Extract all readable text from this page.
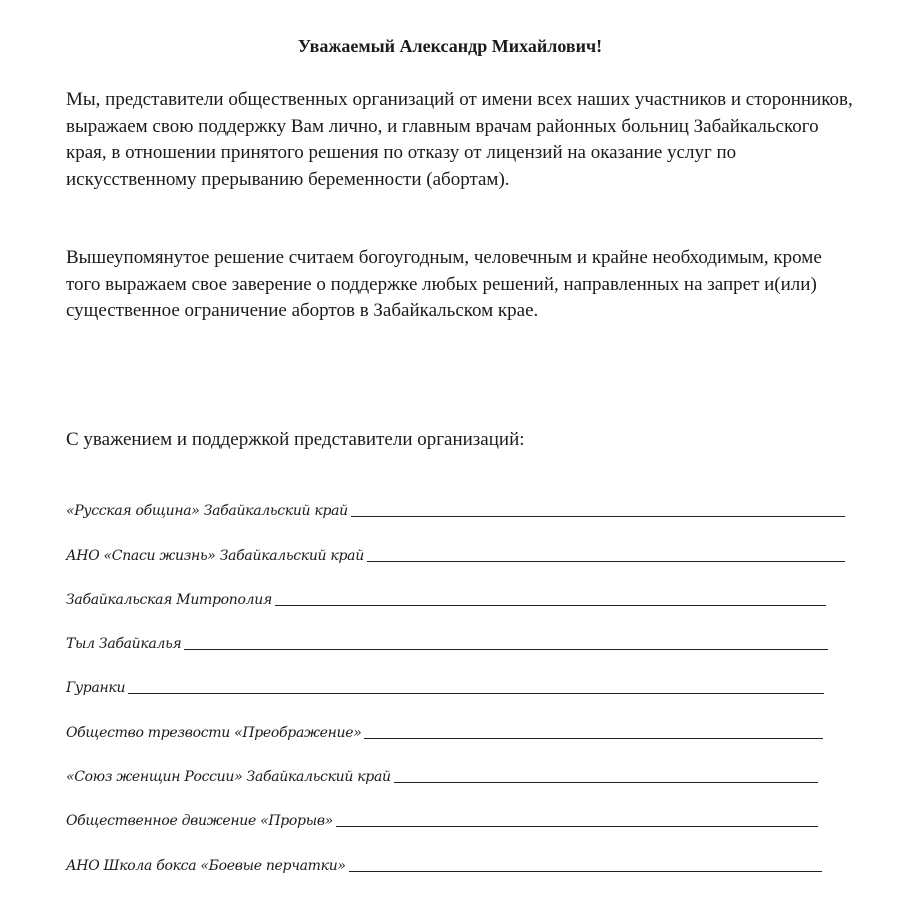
Уважаемый Александр Михайлович!

Мы, представители общественных организаций от имени всех наших участников и сторонников, выражаем свою поддержку Вам лично, и главным врачам районных больниц Забайкальского края, в отношении принятого решения по отказу от лицензий на оказание услуг по искусственному прерыванию беременности (абортам).

Вышеупомянутое решение считаем богоугодным, человечным и крайне необходимым, кроме того выражаем свое заверение о поддержке любых решений, направленных на запрет и(или) существенное ограничение абортов в Забайкальском крае.

С уважением и поддержкой представители организаций:

«Русская община» Забайкальский край
АНО «Спаси жизнь» Забайкальский край
Забайкальская Митрополия
Тыл Забайкалья
Гуранки
Общество трезвости «Преображение»
«Союз женщин России» Забайкальский край
Общественное движение «Прорыв»
АНО Школа бокса «Боевые перчатки»
